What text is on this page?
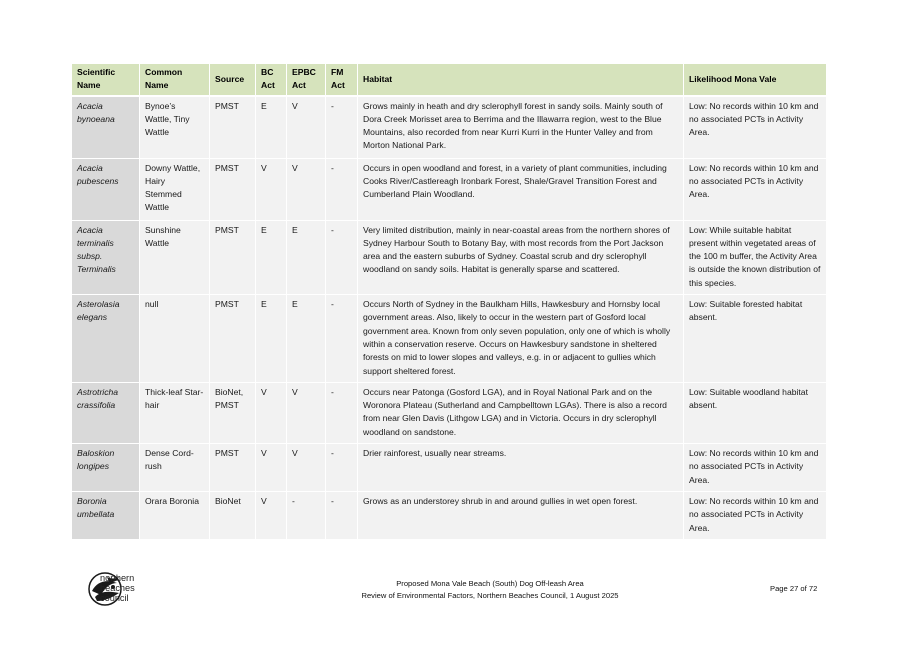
Scientific Name	Common Name	Source	BC Act	EPBC Act	FM Act	Habitat	Likelihood Mona Vale
Acacia bynoeana	Bynoe’s Wattle, Tiny Wattle	PMST	E	V	-	Grows mainly in heath and dry sclerophyll forest in sandy soils. Mainly south of Dora Creek Morisset area to Berrima and the Illawarra region, west to the Blue Mountains, also recorded from near Kurri Kurri in the Hunter Valley and from Morton National Park.	Low: No records within 10 km and no associated PCTs in Activity Area.
Acacia pubescens	Downy Wattle, Hairy Stemmed Wattle	PMST	V	V	-	Occurs in open woodland and forest, in a variety of plant communities, including Cooks River/Castlereagh Ironbark Forest, Shale/Gravel Transition Forest and Cumberland Plain Woodland.	Low: No records within 10 km and no associated PCTs in Activity Area.
Acacia terminalis subsp. Terminalis	Sunshine Wattle	PMST	E	E	-	Very limited distribution, mainly in near-coastal areas from the northern shores of Sydney Harbour South to Botany Bay, with most records from the Port Jackson area and the eastern suburbs of Sydney. Coastal scrub and dry sclerophyll woodland on sandy soils. Habitat is generally sparse and scattered.	Low: While suitable habitat present within vegetated areas of the 100 m buffer, the Activity Area is outside the known distribution of this species.
Asterolasia elegans	null	PMST	E	E	-	Occurs North of Sydney in the Baulkham Hills, Hawkesbury and Hornsby local government areas. Also, likely to occur in the western part of Gosford local government area. Known from only seven population, only one of which is wholly within a conservation reserve. Occurs on Hawkesbury sandstone in sheltered forests on mid to lower slopes and valleys, e.g. in or adjacent to gullies which support sheltered forest.	Low: Suitable forested habitat absent.
Astrotricha crassifolia	Thick-leaf Star-hair	BioNet, PMST	V	V	-	Occurs near Patonga (Gosford LGA), and in Royal National Park and on the Woronora Plateau (Sutherland and Campbelltown LGAs). There is also a record from near Glen Davis (Lithgow LGA) and in Victoria. Occurs in dry sclerophyll woodland on sandstone.	Low: Suitable woodland habitat absent.
Baloskion longipes	Dense Cord-rush	PMST	V	V	-	Drier rainforest, usually near streams.	Low: No records within 10 km and no associated PCTs in Activity Area.
Boronia umbellata	Orara Boronia	BioNet	V	-	-	Grows as an understorey shrub in and around gullies in wet open forest.	Low: No records within 10 km and no associated PCTs in Activity Area.
northern
beaches
council
Proposed Mona Vale Beach (South) Dog Off-leash Area
Review of Environmental Factors, Northern Beaches Council, 1 August 2025
Page 27 of 72
